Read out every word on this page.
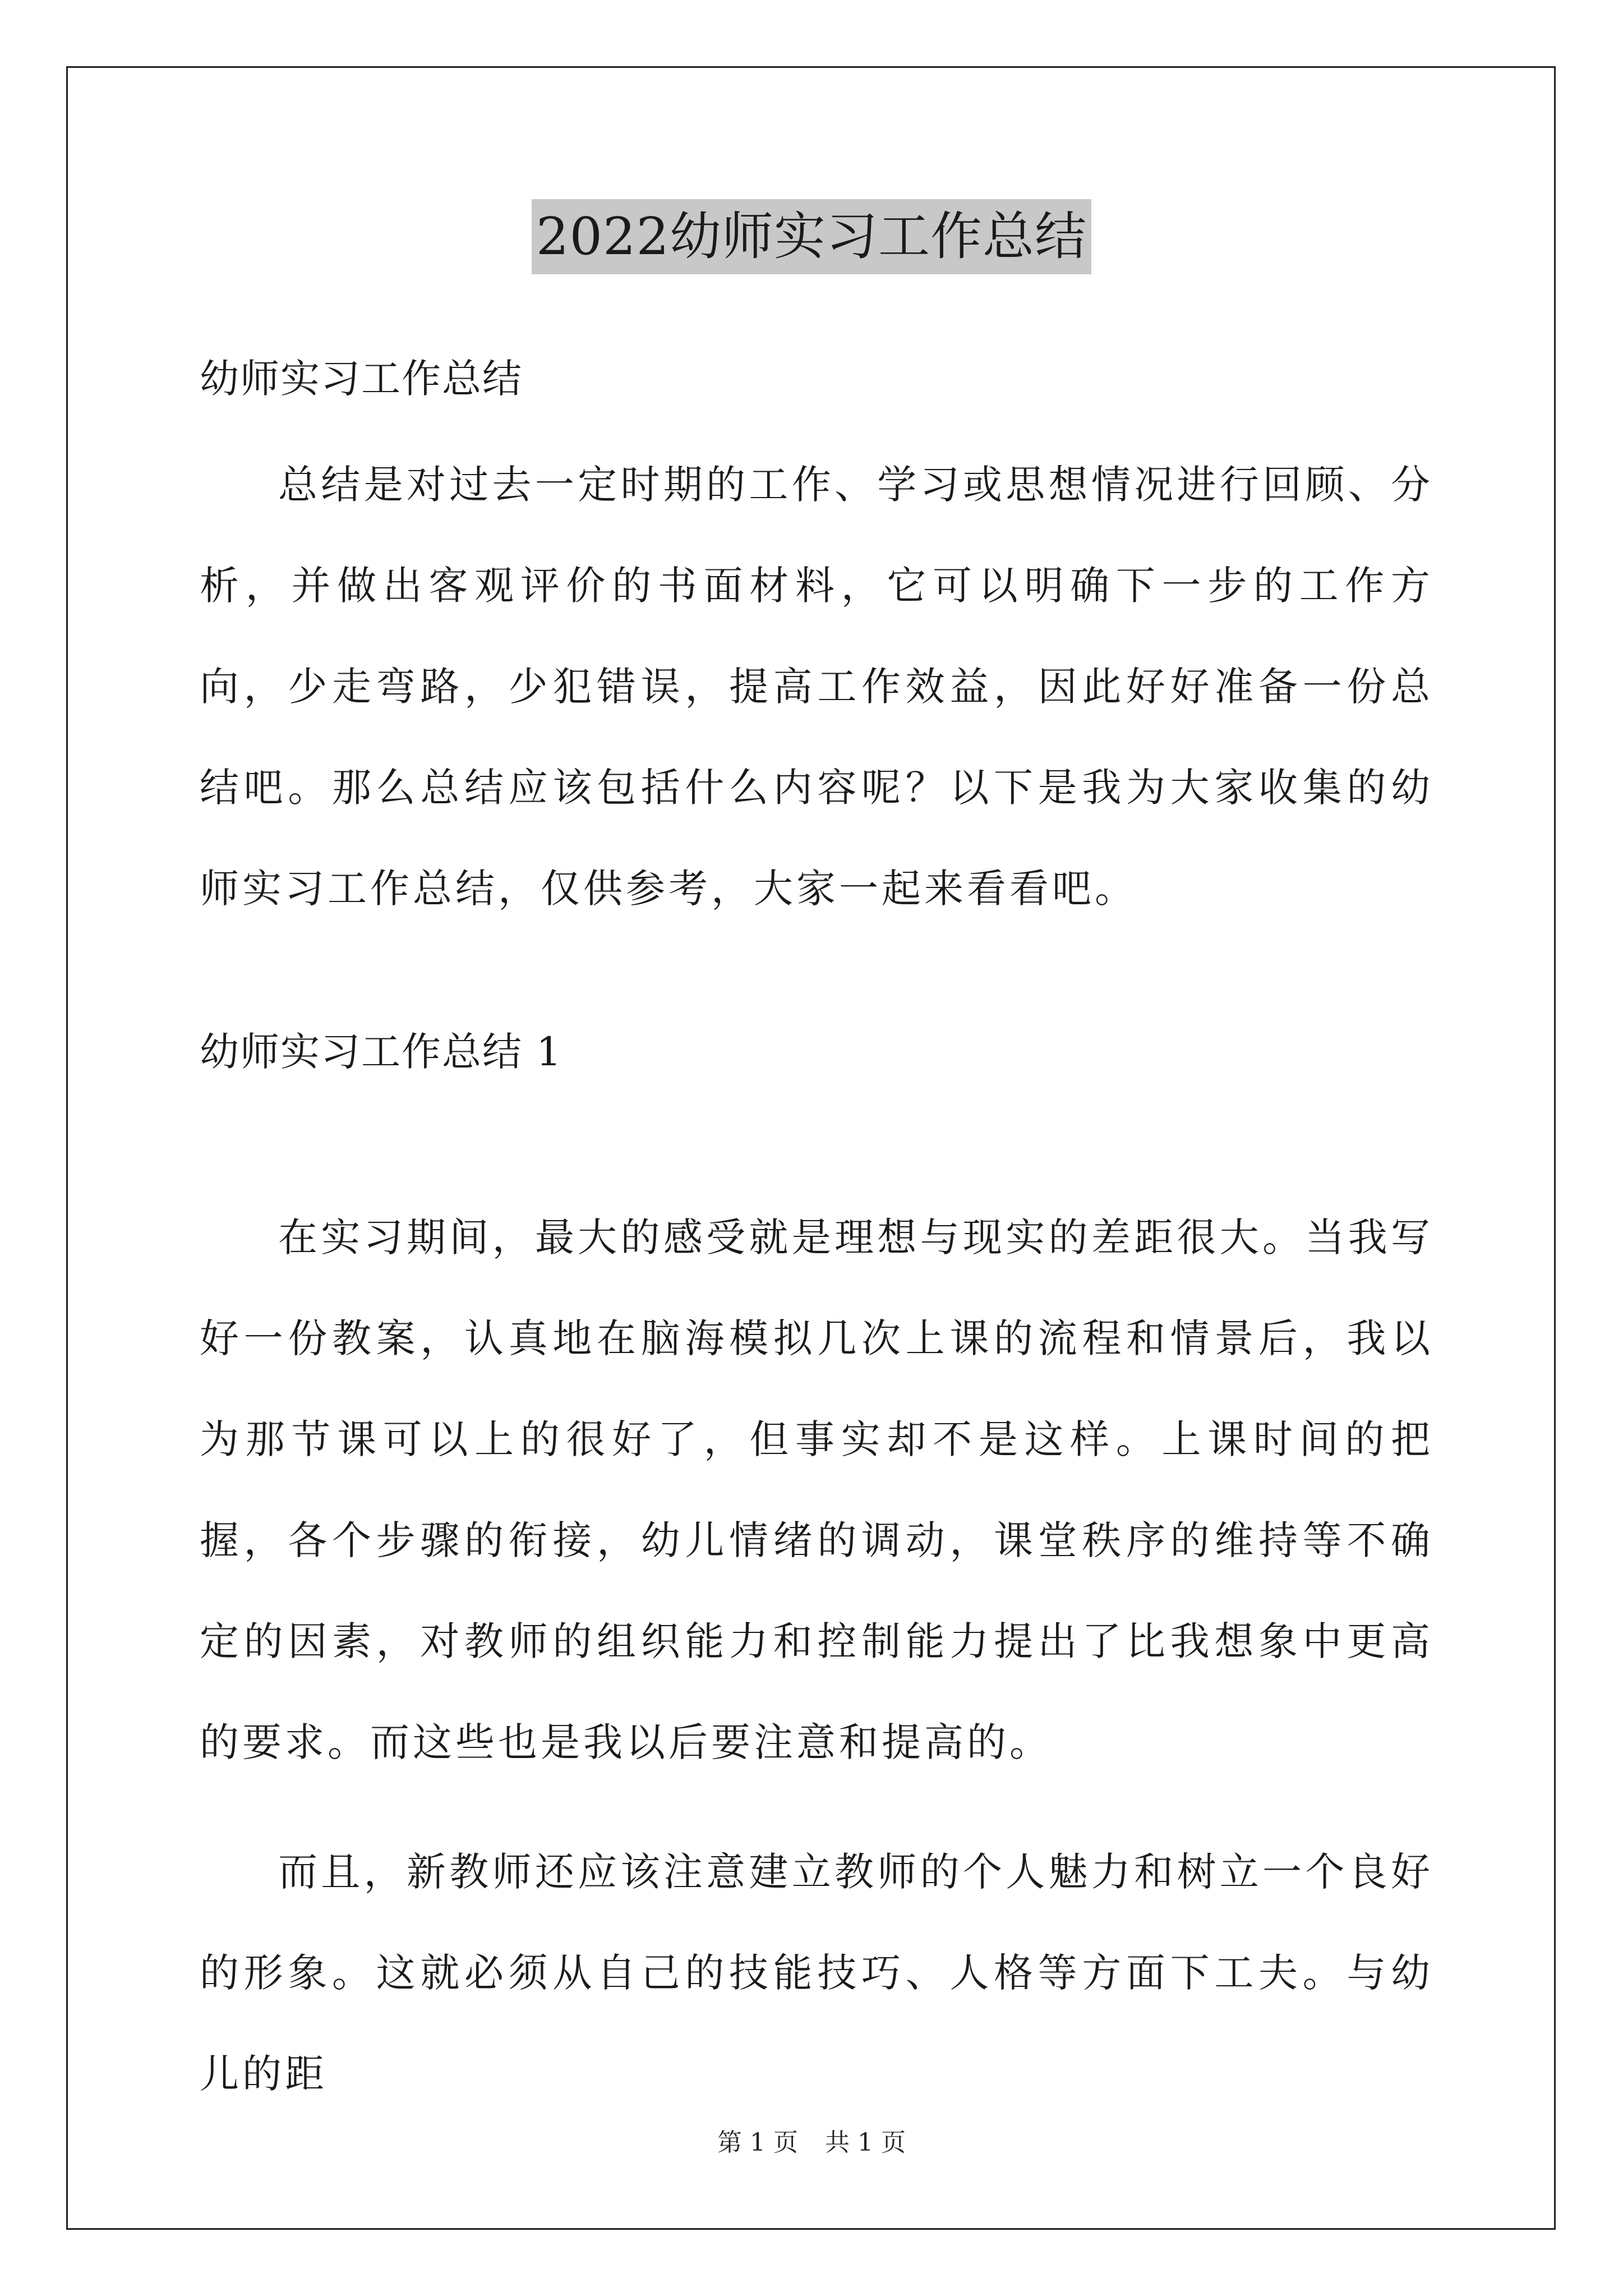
2022幼师实习工作总结
幼师实习工作总结

总结是对过去一定时期的工作、学习或思想情况进行回顾、分析，并做出客观评价的书面材料，它可以明确下一步的工作方向，少走弯路，少犯错误，提高工作效益，因此好好准备一份总结吧。那么总结应该包括什么内容呢？以下是我为大家收集的幼师实习工作总结，仅供参考，大家一起来看看吧。

幼师实习工作总结 1

在实习期间，最大的感受就是理想与现实的差距很大。当我写好一份教案，认真地在脑海模拟几次上课的流程和情景后，我以为那节课可以上的很好了，但事实却不是这样。上课时间的把握，各个步骤的衔接，幼儿情绪的调动，课堂秩序的维持等不确定的因素，对教师的组织能力和控制能力提出了比我想象中更高的要求。而这些也是我以后要注意和提高的。

而且，新教师还应该注意建立教师的个人魅力和树立一个良好的形象。这就必须从自己的技能技巧、人格等方面下工夫。与幼儿的距

第 1 页 共 1 页
